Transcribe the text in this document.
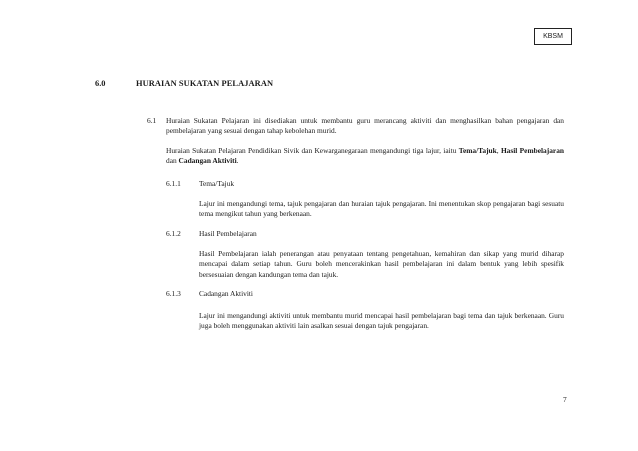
KBSM
6.0	HURAIAN SUKATAN PELAJARAN
6.1 Huraian Sukatan Pelajaran ini disediakan untuk membantu guru merancang aktiviti dan menghasilkan bahan pengajaran dan pembelajaran yang sesuai dengan tahap kebolehan murid.

Huraian Sukatan Pelajaran Pendidikan Sivik dan Kewarganegaraan mengandungi tiga lajur, iaitu Tema/Tajuk, Hasil Pembelajaran dan Cadangan Aktiviti.

6.1.1 Tema/Tajuk

Lajur ini mengandungi tema, tajuk pengajaran dan huraian tajuk pengajaran. Ini menentukan skop pengajaran bagi sesuatu tema mengikut tahun yang berkenaan.

6.1.2 Hasil Pembelajaran

Hasil Pembelajaran ialah penerangan atau penyataan tentang pengetahuan, kemahiran dan sikap yang murid diharap mencapai dalam setiap tahun. Guru boleh mencerakinkan hasil pembelajaran ini dalam bentuk yang lebih spesifik bersesuaian dengan kandungan tema dan tajuk.

6.1.3 Cadangan Aktiviti

Lajur ini mengandungi aktiviti untuk membantu murid mencapai hasil pembelajaran bagi tema dan tajuk berkenaan. Guru juga boleh menggunakan aktiviti lain asalkan sesuai dengan tajuk pengajaran.

7
